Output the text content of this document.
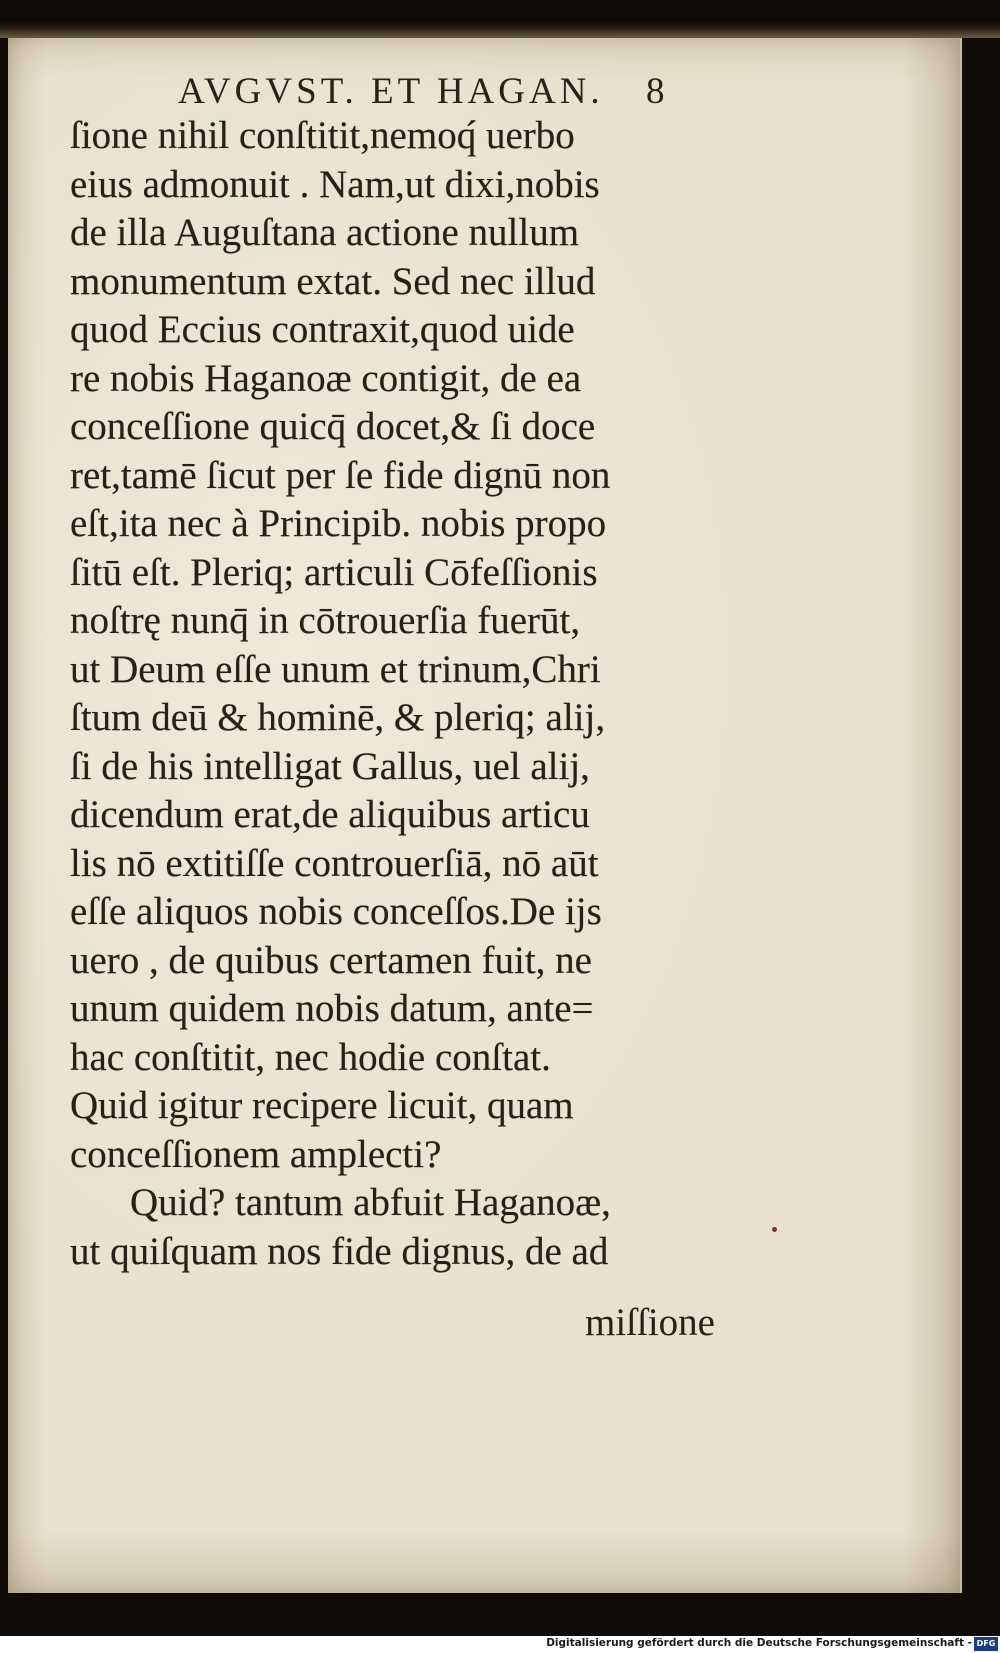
AVGVST. ET HAGAN. 8
ſione nihil conſtitit,nemoq́ uerbo
eius admonuit . Nam,ut dixi,nobis
de illa Auguſtana actione nullum
monumentum extat. Sed nec illud
quod Eccius contraxit,quod uide
re nobis Haganoæ contigit, de ea
conceſſione quicq̄ docet,& ſi doce
ret,tamē ſicut per ſe fide dignū non
eſt,ita nec à Principib. nobis propo
ſitū eſt. Pleriq; articuli Cōfeſſionis
noſtrę nunq̄ in cōtrouerſia fuerūt,
ut Deum eſſe unum et trinum,Chri
ſtum deū & hominē, & pleriq; alij,
ſi de his intelligat Gallus, uel alij,
dicendum erat,de aliquibus articu
lis nō extitiſſe controuerſiā, nō aūt
eſſe aliquos nobis conceſſos.De ijs
uero , de quibus certamen fuit, ne
unum quidem nobis datum, ante=
hac conſtitit, nec hodie conſtat.
Quid igitur recipere licuit, quam
conceſſionem amplecti?
Quid? tantum abfuit Haganoæ,
ut quiſquam nos fide dignus, de ad
miſſione
Digitalisierung gefördert durch die Deutsche Forschungsgemeinschaft - DFG
